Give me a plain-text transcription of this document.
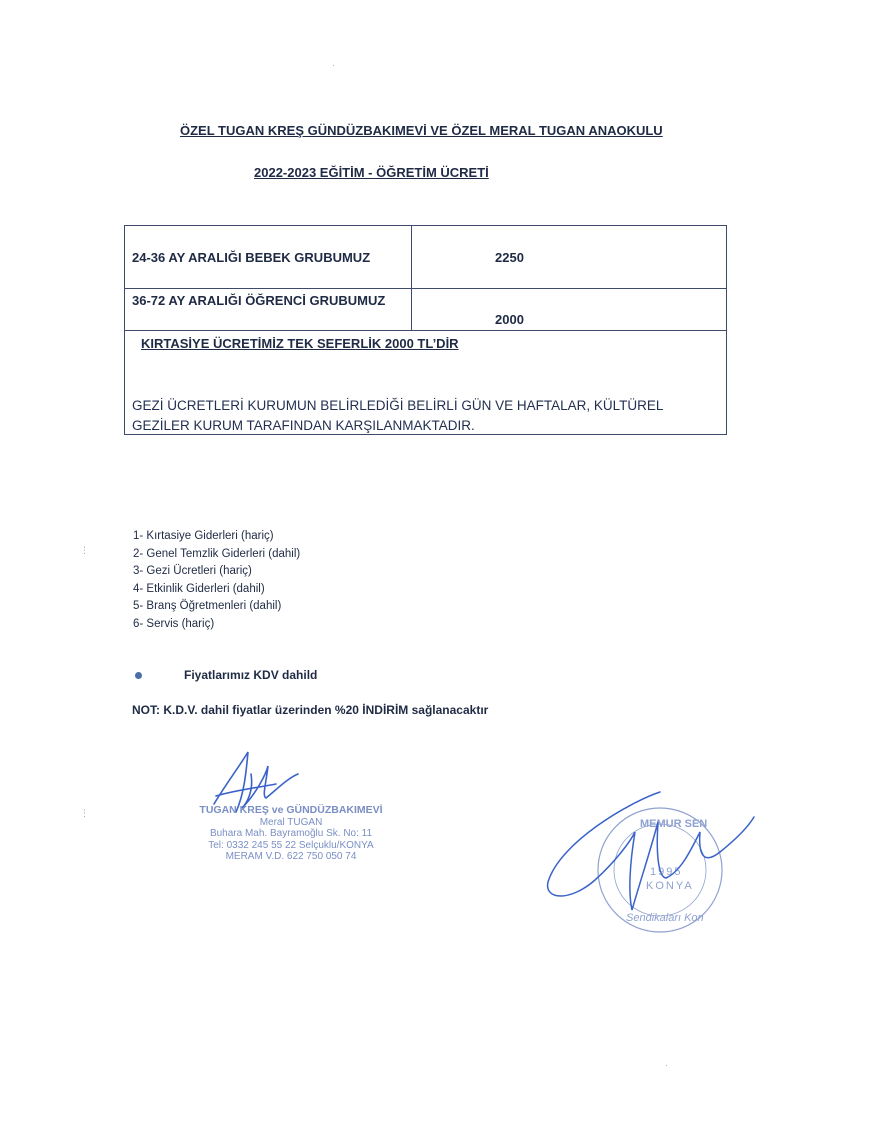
ÖZEL TUGAN KREŞ GÜNDÜZBAKIMEVİ VE ÖZEL MERAL TUGAN ANAOKULU
2022-2023 EĞİTİM - ÖĞRETİM ÜCRETİ
24-36 AY ARALIĞI BEBEK GRUBUMUZ	2250
36-72 AY ARALIĞI ÖĞRENCİ GRUBUMUZ
2000
KIRTASİYE ÜCRETİMİZ TEK SEFERLİK 2000 TL’DİR
GEZİ ÜCRETLERİ KURUMUN BELİRLEDİĞİ BELİRLİ GÜN VE HAFTALAR, KÜLTÜREL GEZİLER KURUM TARAFINDAN KARŞILANMAKTADIR.
1- Kırtasiye Giderleri (hariç)
2- Genel Temzlik Giderleri (dahil)
3- Gezi Ücretleri (hariç)
4- Etkinlik Giderleri (dahil)
5- Branş Öğretmenleri (dahil)
6- Servis (hariç)
Fiyatlarımız KDV dahild
NOT: K.D.V. dahil fiyatlar üzerinden %20 İNDİRİM sağlanacaktır
TUGAN KREŞ ve GÜNDÜZBAKIMEVİ
Meral TUGAN
Buhara Mah. Bayramoğlu Sk. No: 11
Tel: 0332 245 55 22 Selçuklu/KONYA
MERAM V.D. 622 750 050 74
MEMUR SEN
1995
KONYA
Sendikaları Kon
·
⋮
⋮
·
